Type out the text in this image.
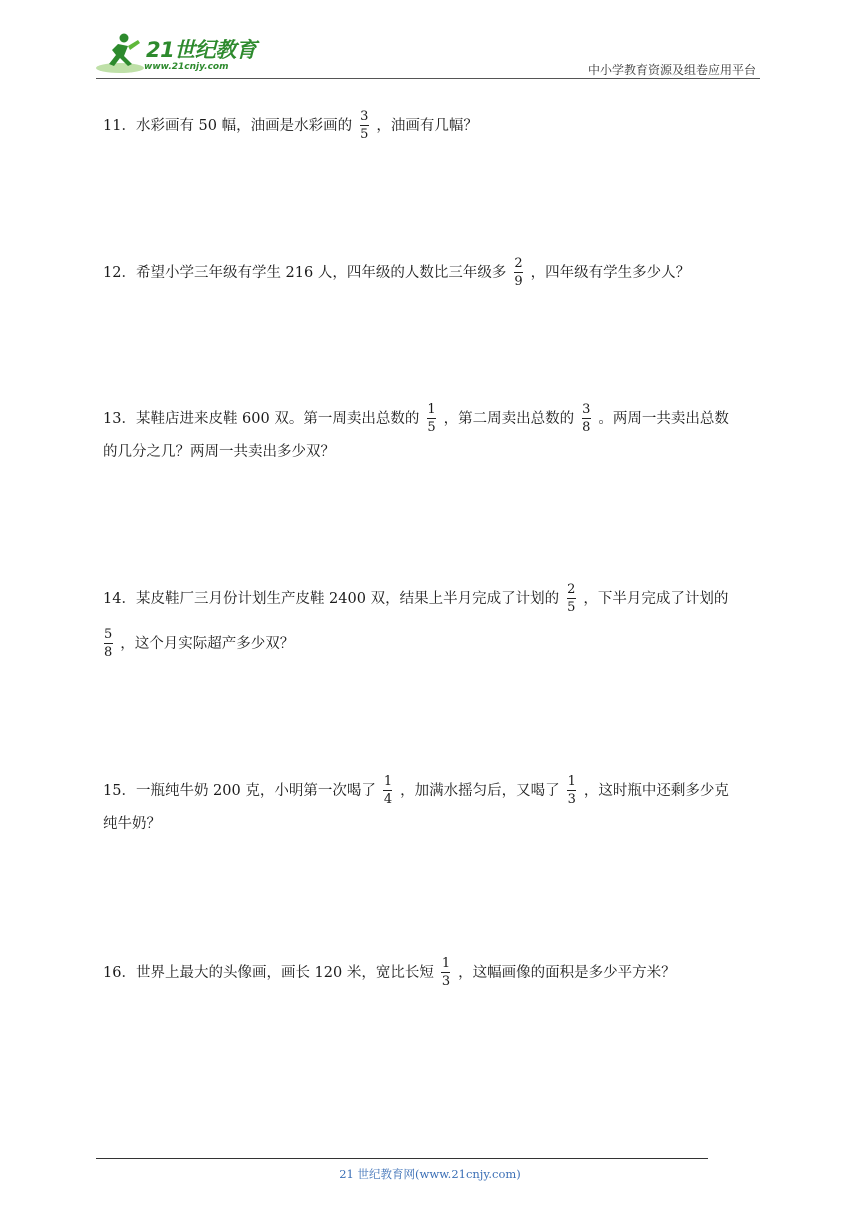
21世纪教育
www.21cnjy.com	中小学教育资源及组卷应用平台
11．水彩画有 50 幅，油画是水彩画的 $\frac{3}{5}$ ，油画有几幅？
12．希望小学三年级有学生 216 人，四年级的人数比三年级多 $\frac{2}{9}$ ，四年级有学生多少人？
13．某鞋店进来皮鞋 600 双。第一周卖出总数的 $\frac{1}{5}$ ，第二周卖出总数的 $\frac{3}{8}$ 。两周一共卖出总数
的几分之几？两周一共卖出多少双？
14．某皮鞋厂三月份计划生产皮鞋 2400 双，结果上半月完成了计划的 $\frac{2}{5}$ ，下半月完成了计划的
$\frac{5}{8}$ ，这个月实际超产多少双？
15．一瓶纯牛奶 200 克，小明第一次喝了 $\frac{1}{4}$ ，加满水摇匀后，又喝了 $\frac{1}{3}$ ，这时瓶中还剩多少克
纯牛奶？
16．世界上最大的头像画，画长 120 米，宽比长短 $\frac{1}{3}$ ，这幅画像的面积是多少平方米？
21 世纪教育网(www.21cnjy.com)
